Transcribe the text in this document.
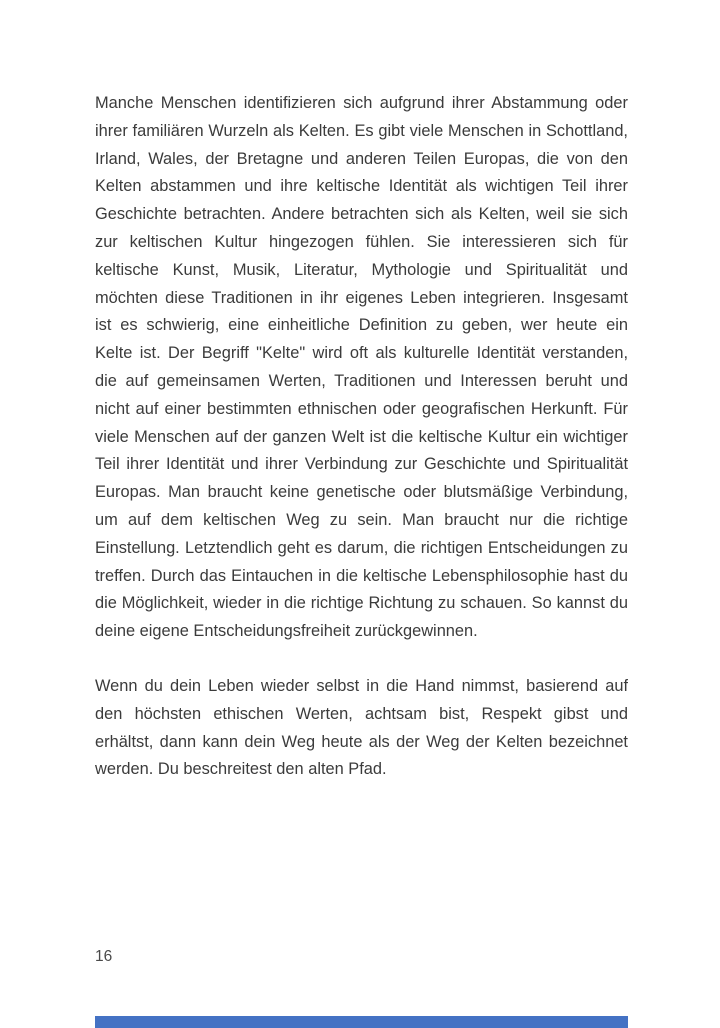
Manche Menschen identifizieren sich aufgrund ihrer Abstammung oder
ihrer familiären Wurzeln als Kelten. Es gibt viele Menschen in Schottland,
Irland, Wales, der Bretagne und anderen Teilen Europas, die von den
Kelten abstammen und ihre keltische Identität als wichtigen Teil ihrer
Geschichte betrachten. Andere betrachten sich als Kelten, weil sie sich
zur keltischen Kultur hingezogen fühlen. Sie interessieren sich für
keltische Kunst, Musik, Literatur, Mythologie und Spiritualität und
möchten diese Traditionen in ihr eigenes Leben integrieren. Insgesamt
ist es schwierig, eine einheitliche Definition zu geben, wer heute ein
Kelte ist. Der Begriff "Kelte" wird oft als kulturelle Identität verstanden,
die auf gemeinsamen Werten, Traditionen und Interessen beruht und
nicht auf einer bestimmten ethnischen oder geografischen Herkunft. Für
viele Menschen auf der ganzen Welt ist die keltische Kultur ein wichtiger
Teil ihrer Identität und ihrer Verbindung zur Geschichte und Spiritualität
Europas. Man braucht keine genetische oder blutsmäßige Verbindung,
um auf dem keltischen Weg zu sein. Man braucht nur die richtige
Einstellung. Letztendlich geht es darum, die richtigen Entscheidungen zu
treffen. Durch das Eintauchen in die keltische Lebensphilosophie hast du
die Möglichkeit, wieder in die richtige Richtung zu schauen. So kannst du
deine eigene Entscheidungsfreiheit zurückgewinnen.
Wenn du dein Leben wieder selbst in die Hand nimmst, basierend auf
den höchsten ethischen Werten, achtsam bist, Respekt gibst und
erhältst, dann kann dein Weg heute als der Weg der Kelten bezeichnet
werden. Du beschreitest den alten Pfad.
16
